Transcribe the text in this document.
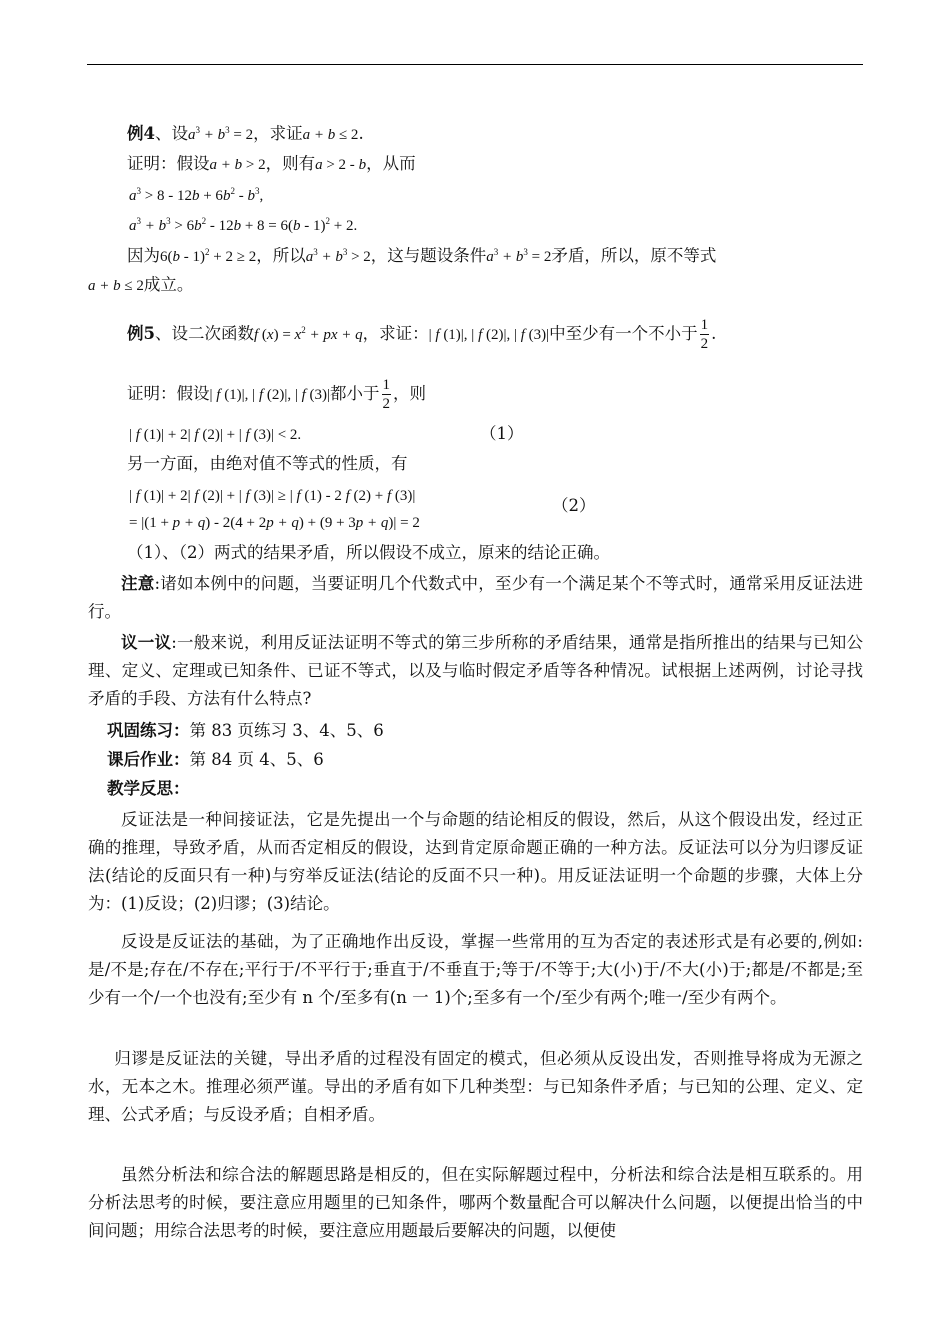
例4、设$a^3 + b^3 = 2$，求证a + b ≤ 2.
证明：假设a + b > 2，则有a > 2 - b，从而
$a^3 > 8 - 12b + 6b^2 - b^3$,
$a^3 + b^3 > 6b^2 - 12b + 8 = 6(b - 1)^2 + 2$.
因为6(b - 1)$^2$ + 2 ≥ 2，所以$a^3 + b^3 > 2$，这与题设条件$a^3 + b^3 = 2$矛盾，所以，原不等式
a + b ≤ 2成立。
例5、设二次函数f $(x) = x^2$ + px + q，求证：| f (1)|, | f (2)|, | f (3)|中至少有一个不小于 $\frac{1}{2}$ .
证明：假设| f (1)|, | f (2)|, | f (3)|都小于 $\frac{1}{2}$ ，则
| f (1)| + 2| f (2)| + | f (3)| < 2.	（1）
另一方面，由绝对值不等式的性质，有
| f (1)| + 2| f (2)| + | f (3)| ≥ | f (1) - 2 f (2) + f (3)|	（2）
= |(1 + p + q) - 2(4 + 2p + q) + (9 + 3p + q)| = 2
（1）、（2）两式的结果矛盾，所以假设不成立，原来的结论正确。

注意:诸如本例中的问题，当要证明几个代数式中，至少有一个满足某个不等式时，通常采用反证法进行。

议一议:一般来说，利用反证法证明不等式的第三步所称的矛盾结果，通常是指所推出的结果与已知公理、定义、定理或已知条件、已证不等式，以及与临时假定矛盾等各种情况。试根据上述两例，讨论寻找矛盾的手段、方法有什么特点?

巩固练习：第 83 页练习 3、4、5、6
课后作业：第 84 页 4、5、6
教学反思：

反证法是一种间接证法，它是先提出一个与命题的结论相反的假设，然后，从这个假设出发，经过正确的推理，导致矛盾，从而否定相反的假设，达到肯定原命题正确的一种方法。反证法可以分为归谬反证法(结论的反面只有一种)与穷举反证法(结论的反面不只一种)。用反证法证明一个命题的步骤，大体上分为：(1)反设；(2)归谬；(3)结论。

反设是反证法的基础，为了正确地作出反设，掌握一些常用的互为否定的表述形式是有必要的,例如:是/不是;存在/不存在;平行于/不平行于;垂直于/不垂直于;等于/不等于;大(小)于/不大(小)于;都是/不都是;至少有一个/一个也没有;至少有 n 个/至多有(n 一 1)个;至多有一个/至少有两个;唯一/至少有两个。

归谬是反证法的关键，导出矛盾的过程没有固定的模式，但必须从反设出发，否则推导将成为无源之水，无本之木。推理必须严谨。导出的矛盾有如下几种类型：与已知条件矛盾；与已知的公理、定义、定理、公式矛盾；与反设矛盾；自相矛盾。

虽然分析法和综合法的解题思路是相反的，但在实际解题过程中，分析法和综合法是相互联系的。用分析法思考的时候，要注意应用题里的已知条件，哪两个数量配合可以解决什么问题，以便提出恰当的中间问题；用综合法思考的时候，要注意应用题最后要解决的问题，以便使
